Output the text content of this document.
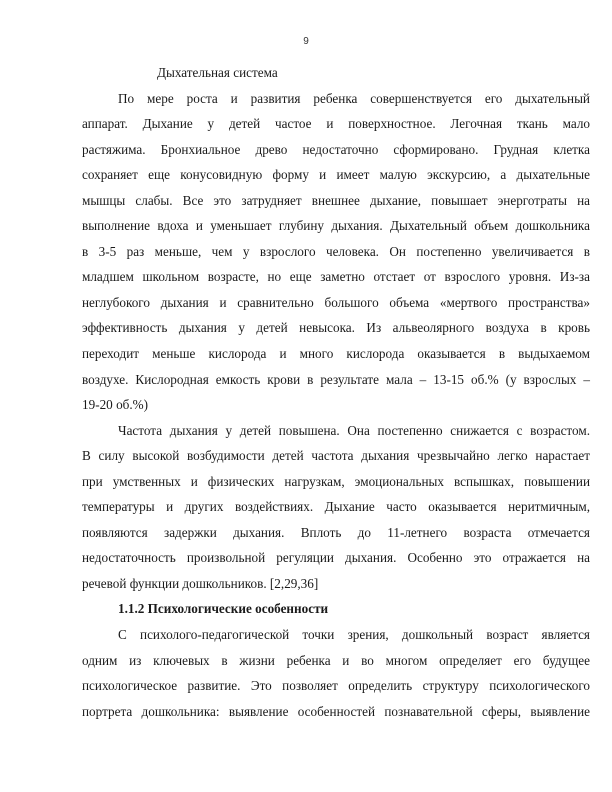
9
Дыхательная система
По мере роста и развития ребенка совершенствуется его дыхательный
аппарат. Дыхание у детей частое и поверхностное. Легочная ткань мало
растяжима. Бронхиальное древо недостаточно сформировано. Грудная клетка
сохраняет еще конусовидную форму и имеет малую экскурсию, а дыхательные
мышцы слабы. Все это затрудняет внешнее дыхание, повышает энерготраты на
выполнение вдоха и уменьшает глубину дыхания. Дыхательный объем дошкольника
в 3-5 раз меньше, чем у взрослого человека. Он постепенно увеличивается в
младшем школьном возрасте, но еще заметно отстает от взрослого уровня. Из-за
неглубокого дыхания и сравнительно большого объема «мертвого пространства»
эффективность дыхания у детей невысока. Из альвеолярного воздуха в кровь
переходит меньше кислорода и много кислорода оказывается в выдыхаемом
воздухе. Кислородная емкость крови в результате мала – 13-15 об.% (у взрослых –
19-20 об.%)
Частота дыхания у детей повышена. Она постепенно снижается с возрастом.
В силу высокой возбудимости детей частота дыхания чрезвычайно легко нарастает
при умственных и физических нагрузкам, эмоциональных вспышках, повышении
температуры и других воздействиях. Дыхание часто оказывается неритмичным,
появляются задержки дыхания. Вплоть до 11-летнего возраста отмечается
недостаточность произвольной регуляции дыхания. Особенно это отражается на
речевой функции дошкольников. [2,29,36]
1.1.2 Психологические особенности
С психолого-педагогической точки зрения, дошкольный возраст является
одним из ключевых в жизни ребенка и во многом определяет его будущее
психологическое развитие. Это позволяет определить структуру психологического
портрета дошкольника: выявление особенностей познавательной сферы, выявление
